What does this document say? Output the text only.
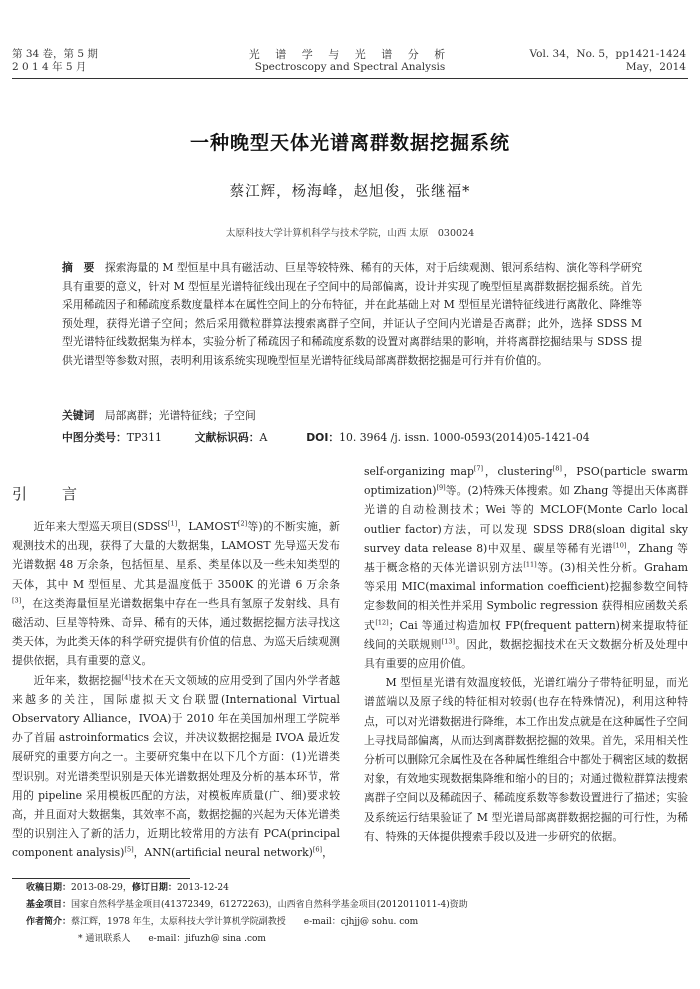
第 34 卷，第 5 期
2 0 1 4 年 5 月
光 谱 学 与 光 谱 分 析
Spectroscopy and Spectral Analysis
Vol. 34，No. 5，pp1421-1424
May，2014
一种晚型天体光谱离群数据挖掘系统
蔡江辉，杨海峰，赵旭俊，张继福*
太原科技大学计算机科学与技术学院，山西 太原　030024
摘　要 探索海量的 M 型恒星中具有磁活动、巨星等较特殊、稀有的天体，对于后续观测、银河系结构、演化等科学研究具有重要的意义，针对 M 型恒星光谱特征线出现在子空间中的局部偏离，设计并实现了晚型恒星离群数据挖掘系统。首先采用稀疏因子和稀疏度系数度量样本在属性空间上的分布特征，并在此基础上对 M 型恒星光谱特征线进行离散化、降维等预处理，获得光谱子空间；然后采用微粒群算法搜索离群子空间，并证认子空间内光谱是否离群；此外，选择 SDSS M 型光谱特征线数据集为样本，实验分析了稀疏因子和稀疏度系数的设置对离群结果的影响，并将离群挖掘结果与 SDSS 提供光谱型等参数对照，表明利用该系统实现晚型恒星光谱特征线局部离群数据挖掘是可行并有价值的。
关键词 局部离群；光谱特征线；子空间
中图分类号：TP311	文献标识码：A	DOI：10. 3964 /j. issn. 1000-0593(2014)05-1421-04
引　言

近年来大型巡天项目(SDSS[1]，LAMOST[2]等)的不断实施，新观测技术的出现，获得了大量的大数据集，LAMOST 先导巡天发布光谱数据 48 万余条，包括恒星、星系、类星体以及一些未知类型的天体，其中 M 型恒星、尤其是温度低于 3500K 的光谱 6 万余条[3]，在这类海量恒星光谱数据集中存在一些具有氢原子发射线、具有磁活动、巨星等特殊、奇异、稀有的天体，通过数据挖掘方法寻找这类天体，为此类天体的科学研究提供有价值的信息、为巡天后续观测提供依据，具有重要的意义。

近年来，数据挖掘[4]技术在天文领域的应用受到了国内外学者越来越多的关注，国际虚拟天文台联盟(International Virtual Observatory Alliance，IVOA)于 2010 年在美国加州理工学院举办了首届 astroinformatics 会议，并决议数据挖掘是 IVOA 最近发展研究的重要方向之一。主要研究集中在以下几个方面：(1)光谱类型识别。对光谱类型识别是天体光谱数据处理及分析的基本环节，常用的 pipeline 采用模板匹配的方法，对模板库质量(广、细)要求较高，并且面对大数据集，其效率不高，数据挖掘的兴起为天体光谱类型的识别注入了新的活力，近期比较常用的方法有 PCA(principal component analysis)[5]，ANN(artificial neural network)[6]，

self-organizing map[7]，clustering[8]，PSO(particle swarm optimization)[9]等。(2)特殊天体搜索。如 Zhang 等提出天体离群光谱的自动检测技术；Wei 等的 MCLOF(Monte Carlo local outlier factor)方法，可以发现 SDSS DR8(sloan digital sky survey data release 8)中双星、碳星等稀有光谱[10]，Zhang 等基于概念格的天体光谱识别方法[11]等。(3)相关性分析。Graham 等采用 MIC(maximal information coefficient)挖掘参数空间特定参数间的相关性并采用 Symbolic regression 获得相应函数关系式[12]；Cai 等通过构造加权 FP(frequent pattern)树来提取特征线间的关联规则[13]。因此，数据挖掘技术在天文数据分析及处理中具有重要的应用价值。

M 型恒星光谱有效温度较低，光谱红端分子带特征明显，而光谱蓝端以及原子线的特征相对较弱(也存在特殊情况)，利用这种特点，可以对光谱数据进行降维，本工作出发点就是在这种属性子空间上寻找局部偏离，从而达到离群数据挖掘的效果。首先，采用相关性分析可以删除冗余属性及在各种属性维组合中都处于稠密区域的数据对象，有效地实现数据集降维和缩小的目的；对通过微粒群算法搜索离群子空间以及稀疏因子、稀疏度系数等参数设置进行了描述；实验及系统运行结果验证了 M 型光谱局部离群数据挖掘的可行性，为稀有、特殊的天体提供搜索手段以及进一步研究的依据。

收稿日期：2013-08-29，修订日期：2013-12-24
基金项目：国家自然科学基金项目(41372349，61272263)，山西省自然科学基金项目(2012011011-4)资助
作者简介：蔡江辉，1978 年生，太原科技大学计算机学院副教授　　e-mail：cjhjj@ sohu. com
* 通讯联系人　　e-mail：jifuzh@ sina .com
